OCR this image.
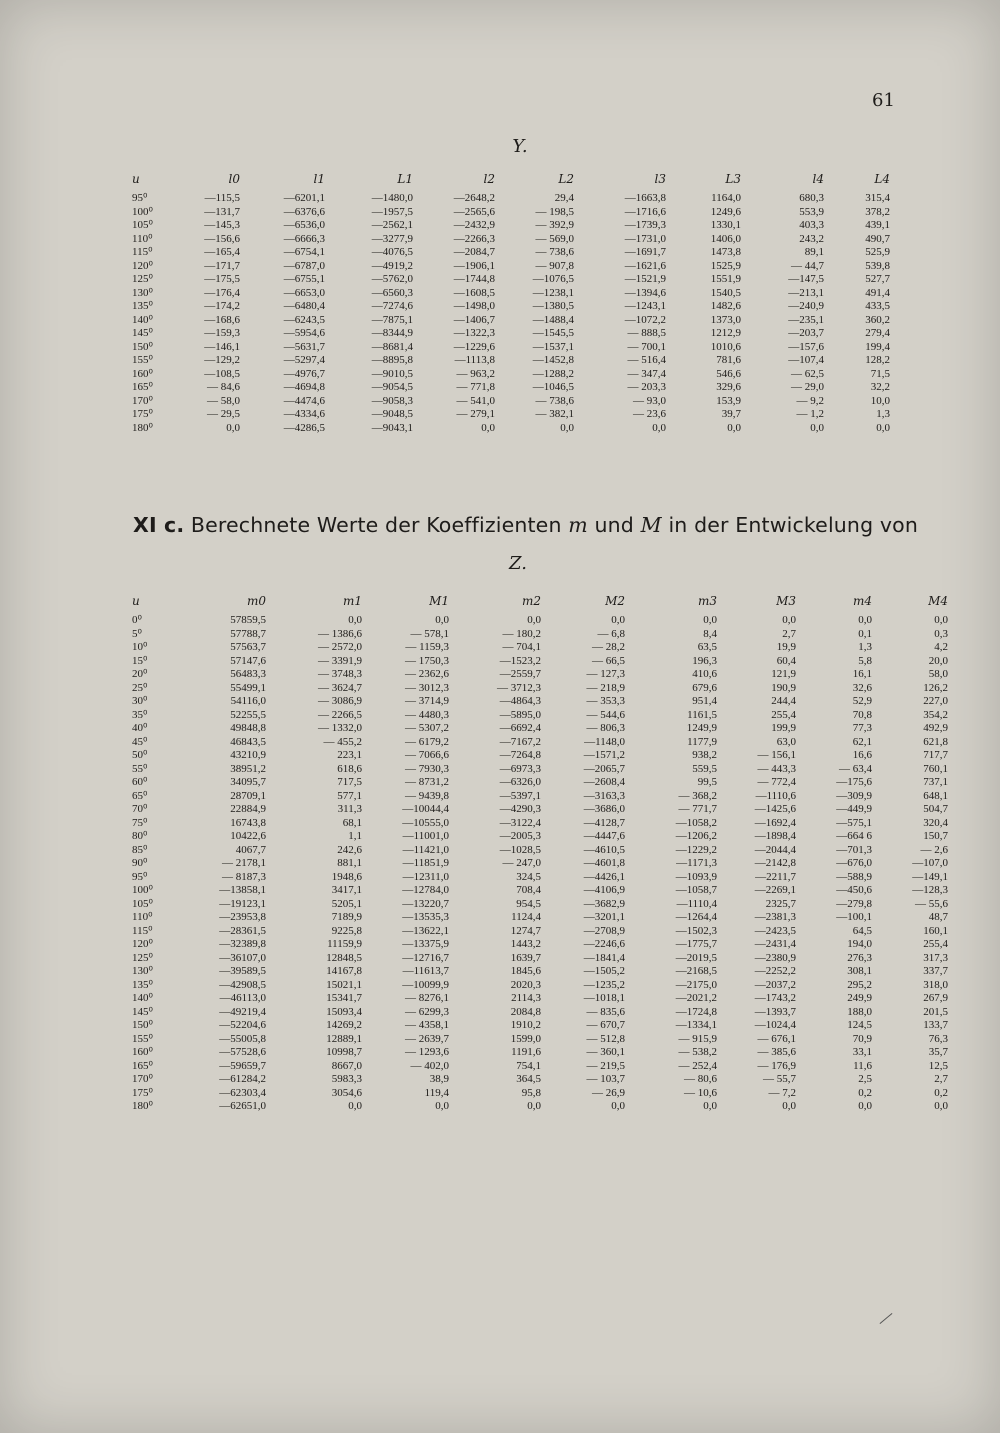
61
Y.
u	l0	l1	L1	l2	L2	l3	L3	l4	L4
95⁰	—115,5	—6201,1	—1480,0	—2648,2	29,4	—1663,8	1164,0	680,3	315,4
100⁰	—131,7	—6376,6	—1957,5	—2565,6	— 198,5	—1716,6	1249,6	553,9	378,2
105⁰	—145,3	—6536,0	—2562,1	—2432,9	— 392,9	—1739,3	1330,1	403,3	439,1
110⁰	—156,6	—6666,3	—3277,9	—2266,3	— 569,0	—1731,0	1406,0	243,2	490,7
115⁰	—165,4	—6754,1	—4076,5	—2084,7	— 738,6	—1691,7	1473,8	89,1	525,9
120⁰	—171,7	—6787,0	—4919,2	—1906,1	— 907,8	—1621,6	1525,9	— 44,7	539,8
125⁰	—175,5	—6755,1	—5762,0	—1744,8	—1076,5	—1521,9	1551,9	—147,5	527,7
130⁰	—176,4	—6653,0	—6560,3	—1608,5	—1238,1	—1394,6	1540,5	—213,1	491,4
135⁰	—174,2	—6480,4	—7274,6	—1498,0	—1380,5	—1243,1	1482,6	—240,9	433,5
140⁰	—168,6	—6243,5	—7875,1	—1406,7	—1488,4	—1072,2	1373,0	—235,1	360,2
145⁰	—159,3	—5954,6	—8344,9	—1322,3	—1545,5	— 888,5	1212,9	—203,7	279,4
150⁰	—146,1	—5631,7	—8681,4	—1229,6	—1537,1	— 700,1	1010,6	—157,6	199,4
155⁰	—129,2	—5297,4	—8895,8	—1113,8	—1452,8	— 516,4	781,6	—107,4	128,2
160⁰	—108,5	—4976,7	—9010,5	— 963,2	—1288,2	— 347,4	546,6	— 62,5	71,5
165⁰	— 84,6	—4694,8	—9054,5	— 771,8	—1046,5	— 203,3	329,6	— 29,0	32,2
170⁰	— 58,0	—4474,6	—9058,3	— 541,0	— 738,6	— 93,0	153,9	— 9,2	10,0
175⁰	— 29,5	—4334,6	—9048,5	— 279,1	— 382,1	— 23,6	39,7	— 1,2	1,3
180⁰	0,0	—4286,5	—9043,1	0,0	0,0	0,0	0,0	0,0	0,0
XI c. Berechnete Werte der Koeffizienten m und M in der Entwickelung von
Z.
u	m0	m1	M1	m2	M2	m3	M3	m4	M4
0⁰	57859,5	0,0	0,0	0,0	0,0	0,0	0,0	0,0	0,0
5⁰	57788,7	— 1386,6	— 578,1	— 180,2	— 6,8	8,4	2,7	0,1	0,3
10⁰	57563,7	— 2572,0	— 1159,3	— 704,1	— 28,2	63,5	19,9	1,3	4,2
15⁰	57147,6	— 3391,9	— 1750,3	—1523,2	— 66,5	196,3	60,4	5,8	20,0
20⁰	56483,3	— 3748,3	— 2362,6	—2559,7	— 127,3	410,6	121,9	16,1	58,0
25⁰	55499,1	— 3624,7	— 3012,3	— 3712,3	— 218,9	679,6	190,9	32,6	126,2
30⁰	54116,0	— 3086,9	— 3714,9	—4864,3	— 353,3	951,4	244,4	52,9	227,0
35⁰	52255,5	— 2266,5	— 4480,3	—5895,0	— 544,6	1161,5	255,4	70,8	354,2
40⁰	49848,8	— 1332,0	— 5307,2	—6692,4	— 806,3	1249,9	199,9	77,3	492,9
45⁰	46843,5	— 455,2	— 6179,2	—7167,2	—1148,0	1177,9	63,0	62,1	621,8
50⁰	43210,9	223,1	— 7066,6	—7264,8	—1571,2	938,2	— 156,1	16,6	717,7
55⁰	38951,2	618,6	— 7930,3	—6973,3	—2065,7	559,5	— 443,3	— 63,4	760,1
60⁰	34095,7	717,5	— 8731,2	—6326,0	—2608,4	99,5	— 772,4	—175,6	737,1
65⁰	28709,1	577,1	— 9439,8	—5397,1	—3163,3	— 368,2	—1110,6	—309,9	648,1
70⁰	22884,9	311,3	—10044,4	—4290,3	—3686,0	— 771,7	—1425,6	—449,9	504,7
75⁰	16743,8	68,1	—10555,0	—3122,4	—4128,7	—1058,2	—1692,4	—575,1	320,4
80⁰	10422,6	1,1	—11001,0	—2005,3	—4447,6	—1206,2	—1898,4	—664 6	150,7
85⁰	4067,7	242,6	—11421,0	—1028,5	—4610,5	—1229,2	—2044,4	—701,3	— 2,6
90⁰	— 2178,1	881,1	—11851,9	— 247,0	—4601,8	—1171,3	—2142,8	—676,0	—107,0
95⁰	— 8187,3	1948,6	—12311,0	324,5	—4426,1	—1093,9	—2211,7	—588,9	—149,1
100⁰	—13858,1	3417,1	—12784,0	708,4	—4106,9	—1058,7	—2269,1	—450,6	—128,3
105⁰	—19123,1	5205,1	—13220,7	954,5	—3682,9	—1110,4	2325,7	—279,8	— 55,6
110⁰	—23953,8	7189,9	—13535,3	1124,4	—3201,1	—1264,4	—2381,3	—100,1	48,7
115⁰	—28361,5	9225,8	—13622,1	1274,7	—2708,9	—1502,3	—2423,5	64,5	160,1
120⁰	—32389,8	11159,9	—13375,9	1443,2	—2246,6	—1775,7	—2431,4	194,0	255,4
125⁰	—36107,0	12848,5	—12716,7	1639,7	—1841,4	—2019,5	—2380,9	276,3	317,3
130⁰	—39589,5	14167,8	—11613,7	1845,6	—1505,2	—2168,5	—2252,2	308,1	337,7
135⁰	—42908,5	15021,1	—10099,9	2020,3	—1235,2	—2175,0	—2037,2	295,2	318,0
140⁰	—46113,0	15341,7	— 8276,1	2114,3	—1018,1	—2021,2	—1743,2	249,9	267,9
145⁰	—49219,4	15093,4	— 6299,3	2084,8	— 835,6	—1724,8	—1393,7	188,0	201,5
150⁰	—52204,6	14269,2	— 4358,1	1910,2	— 670,7	—1334,1	—1024,4	124,5	133,7
155⁰	—55005,8	12889,1	— 2639,7	1599,0	— 512,8	— 915,9	— 676,1	70,9	76,3
160⁰	—57528,6	10998,7	— 1293,6	1191,6	— 360,1	— 538,2	— 385,6	33,1	35,7
165⁰	—59659,7	8667,0	— 402,0	754,1	— 219,5	— 252,4	— 176,9	11,6	12,5
170⁰	—61284,2	5983,3	38,9	364,5	— 103,7	— 80,6	— 55,7	2,5	2,7
175⁰	—62303,4	3054,6	119,4	95,8	— 26,9	— 10,6	— 7,2	0,2	0,2
180⁰	—62651,0	0,0	0,0	0,0	0,0	0,0	0,0	0,0	0,0
